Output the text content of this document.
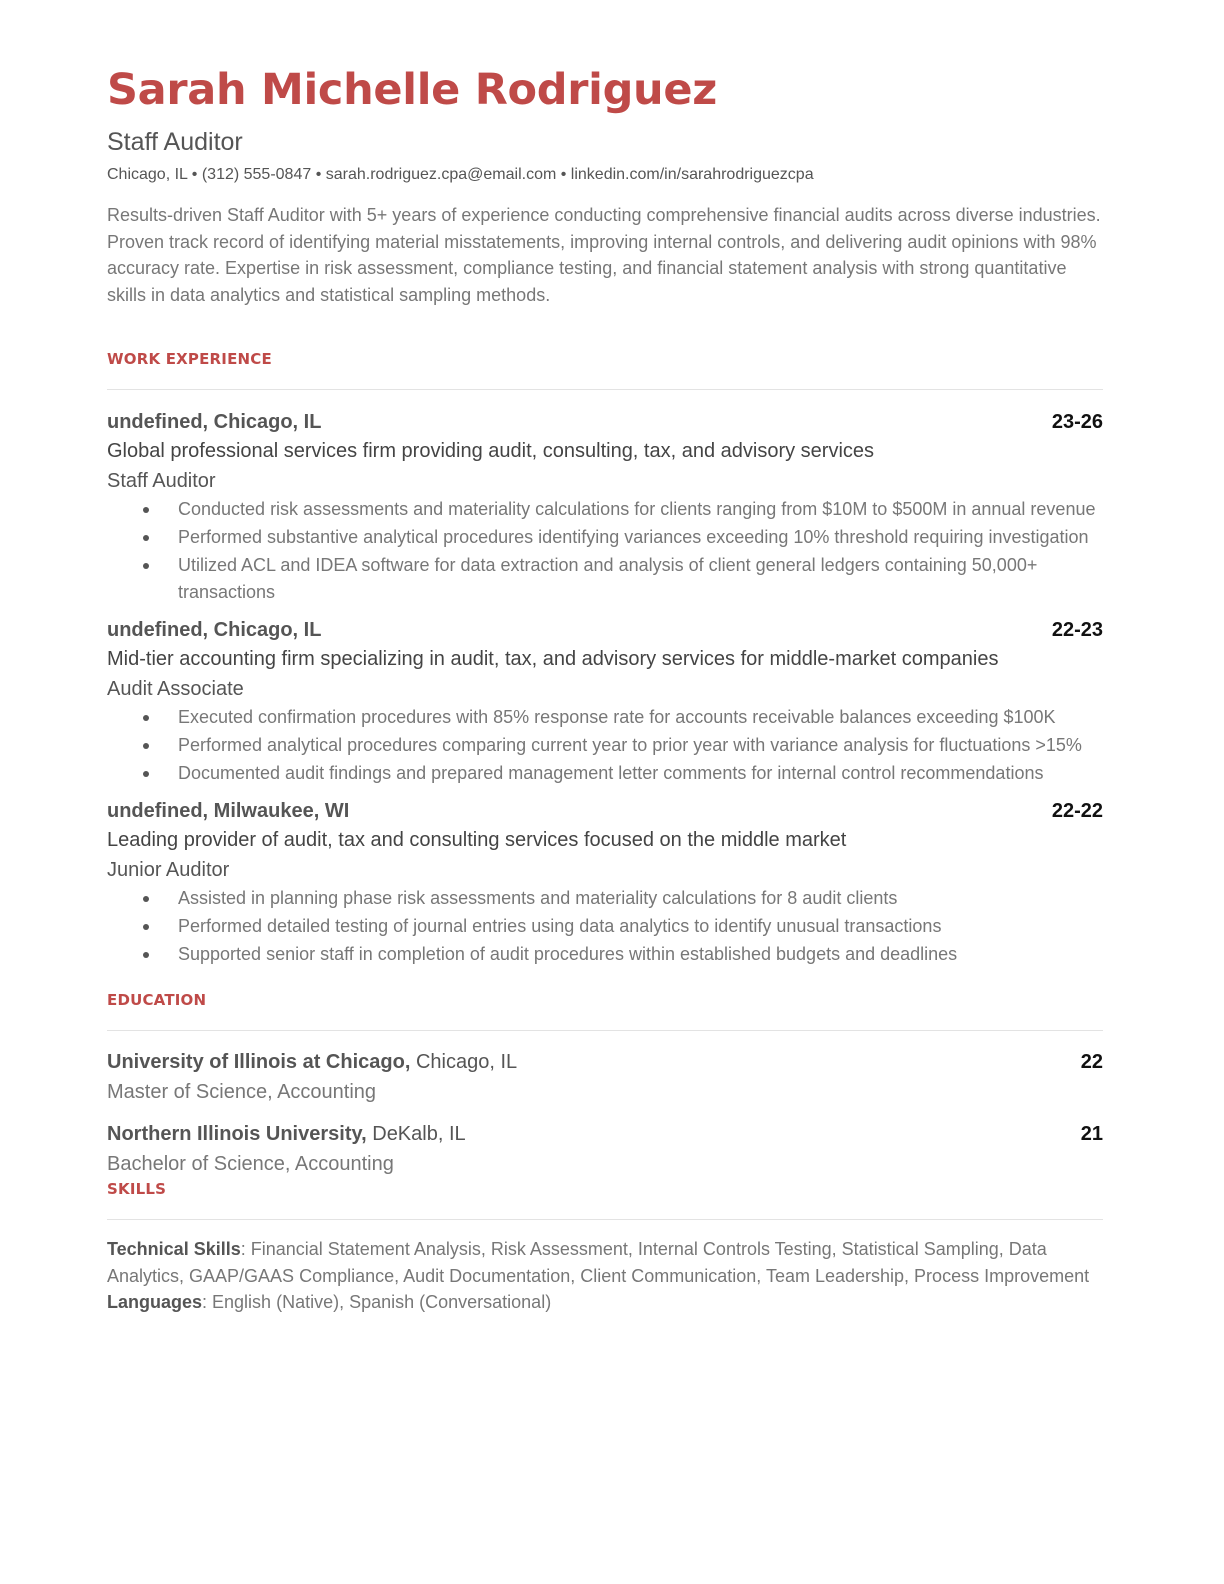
Sarah Michelle Rodriguez
Staff Auditor
Chicago, IL • (312) 555-0847 • sarah.rodriguez.cpa@email.com • linkedin.com/in/sarahrodriguezcpa
Results-driven Staff Auditor with 5+ years of experience conducting comprehensive financial audits across diverse industries. Proven track record of identifying material misstatements, improving internal controls, and delivering audit opinions with 98% accuracy rate. Expertise in risk assessment, compliance testing, and financial statement analysis with strong quantitative skills in data analytics and statistical sampling methods.
WORK EXPERIENCE
undefined, Chicago, IL	23-26
Global professional services firm providing audit, consulting, tax, and advisory services
Staff Auditor
Conducted risk assessments and materiality calculations for clients ranging from $10M to $500M in annual revenue
Performed substantive analytical procedures identifying variances exceeding 10% threshold requiring investigation
Utilized ACL and IDEA software for data extraction and analysis of client general ledgers containing 50,000+ transactions
undefined, Chicago, IL	22-23
Mid-tier accounting firm specializing in audit, tax, and advisory services for middle-market companies
Audit Associate
Executed confirmation procedures with 85% response rate for accounts receivable balances exceeding $100K
Performed analytical procedures comparing current year to prior year with variance analysis for fluctuations >15%
Documented audit findings and prepared management letter comments for internal control recommendations
undefined, Milwaukee, WI	22-22
Leading provider of audit, tax and consulting services focused on the middle market
Junior Auditor
Assisted in planning phase risk assessments and materiality calculations for 8 audit clients
Performed detailed testing of journal entries using data analytics to identify unusual transactions
Supported senior staff in completion of audit procedures within established budgets and deadlines
EDUCATION
University of Illinois at Chicago, Chicago, IL	22
Master of Science, Accounting
Northern Illinois University, DeKalb, IL	21
Bachelor of Science, Accounting
SKILLS
Technical Skills: Financial Statement Analysis, Risk Assessment, Internal Controls Testing, Statistical Sampling, Data Analytics, GAAP/GAAS Compliance, Audit Documentation, Client Communication, Team Leadership, Process Improvement
Languages: English (Native), Spanish (Conversational)
